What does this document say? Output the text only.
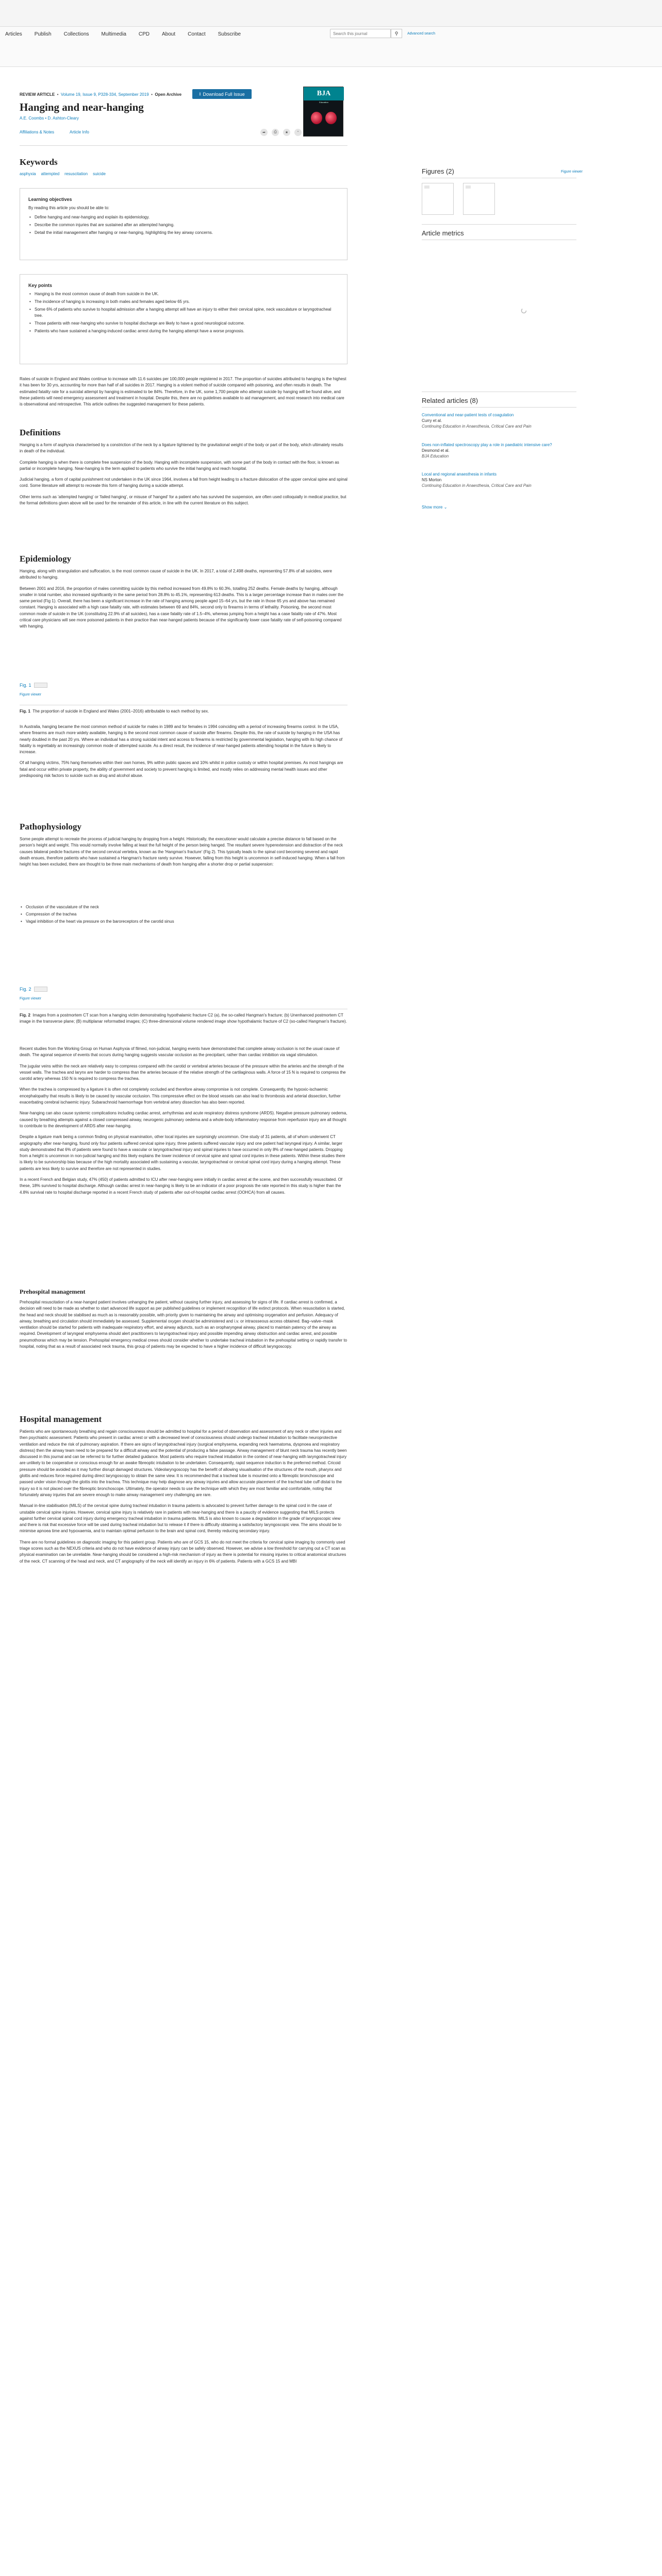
Articles Publish Collections Multimedia CPD About Contact Subscribe
Search this journal	⚲	Advanced search
REVIEW ARTICLE  •  Volume 19, Issue 9, P328-334, September 2019  •  Open Archive	⭳ Download Full Issue	BJA
Education
Hanging and near-hanging
A.E. Coombs • D. Ashton-Cleary
Affiliations & Notes	Article Info	➦	⎙	★	“
Keywords
asphyxia attempted resuscitation suicide
Learning objectives

By reading this article you should be able to:

• Define hanging and near-hanging and explain its epidemiology.
• Describe the common injuries that are sustained after an attempted hanging.
• Detail the initial management after hanging or near-hanging, highlighting the key airway concerns.
Key points
• Hanging is the most common cause of death from suicide in the UK.
• The incidence of hanging is increasing in both males and females aged below 65 yrs.
• Some 6% of patients who survive to hospital admission after a hanging attempt will have an injury to either their cervical spine, neck vasculature or laryngotracheal tree.
• Those patients with near-hanging who survive to hospital discharge are likely to have a good neurological outcome.
• Patients who have sustained a hanging-induced cardiac arrest during the hanging attempt have a worse prognosis.

Rates of suicide in England and Wales continue to increase with 11.6 suicides per 100,000 people registered in 2017. The proportion of suicides attributed to hanging is the highest it has been for 30 yrs, accounting for more than half of all suicides in 2017. Hanging is a violent method of suicide compared with poisoning, and often results in death. The estimated fatality rate for a suicidal attempt by hanging is estimated to be 84%. Therefore, in the UK, some 1,700 people who attempt suicide by hanging will be found alive, and these patients will need emergency assessment and treatment in hospital. Despite this, there are no guidelines available to aid management, and most research into medical care is observational and retrospective. This article outlines the suggested management for these patients.

Definitions

Hanging is a form of asphyxia characterised by a constriction of the neck by a ligature tightened by the gravitational weight of the body or part of the body, which ultimately results in death of the individual.

Complete hanging is when there is complete free suspension of the body. Hanging with incomplete suspension, with some part of the body in contact with the floor, is known as partial or incomplete hanging. Near-hanging is the term applied to patients who survive the initial hanging and reach hospital.

Judicial hanging, a form of capital punishment not undertaken in the UK since 1964, involves a fall from height leading to a fracture dislocation of the upper cervical spine and spinal cord. Some literature will attempt to recreate this form of hanging during a suicide attempt.

Other terms such as 'attempted hanging' or 'failed hanging', or misuse of 'hanged' for a patient who has survived the suspension, are often used colloquially in medical practice, but the formal definitions given above will be used for the remainder of this article, in line with the current literature on this subject.

Epidemiology

Hanging, along with strangulation and suffocation, is the most common cause of suicide in the UK. In 2017, a total of 2,498 deaths, representing 57.8% of all suicides, were attributed to hanging.

Between 2001 and 2016, the proportion of males committing suicide by this method increased from 49.8% to 60.3%, totalling 252 deaths. Female deaths by hanging, although smaller in total number, also increased significantly in the same period from 28.8% to 45.1%, representing 613 deaths. This is a larger percentage increase than in males over the same period (Fig 1). Overall, there has been a significant increase in the rate of hanging among people aged 15–64 yrs, but the rate in those 65 yrs and above has remained constant. Hanging is associated with a high case fatality rate, with estimates between 69 and 84%, second only to firearms in terms of lethality. Poisoning, the second most common mode of suicide in the UK (constituting 22.9% of all suicides), has a case fatality rate of 1.5–4%, whereas jumping from a height has a case fatality rate of 47%. Most critical care physicians will see more poisoned patients in their practice than near-hanged patients because of the significantly lower case fatality rate of self-poisoning compared with hanging.

Fig. 1
Figure viewer
Fig. 1 The proportion of suicide in England and Wales (2001–2016) attributable to each method by sex.

In Australia, hanging became the most common method of suicide for males in 1989 and for females in 1994 coinciding with a period of increasing firearms control. In the USA, where firearms are much more widely available, hanging is the second most common cause of suicide after firearms. Despite this, the rate of suicide by hanging in the USA has nearly doubled in the past 20 yrs. Where an individual has a strong suicidal intent and access to firearms is restricted by governmental legislation, hanging with its high chance of fatality is regrettably an increasingly common mode of attempted suicide. As a direct result, the incidence of near-hanged patients attending hospital in the future is likely to increase.

Of all hanging victims, 75% hang themselves within their own homes, 9% within public spaces and 10% whilst in police custody or within hospital premises. As most hangings are fatal and occur within private property, the ability of government and society to prevent hanging is limited, and mostly relies on addressing mental health issues and other predisposing risk factors to suicide such as drug and alcohol abuse.

Pathophysiology

Some people attempt to recreate the process of judicial hanging by dropping from a height. Historically, the executioner would calculate a precise distance to fall based on the person's height and weight. This would normally involve falling at least the full height of the person being hanged. The resultant severe hyperextension and distraction of the neck causes bilateral pedicle fractures of the second cervical vertebra, known as the 'Hangman's fracture' (Fig 2). This typically leads to the spinal cord becoming severed and rapid death ensues, therefore patients who have sustained a Hangman's fracture rarely survive. However, falling from this height is uncommon in self-induced hanging. When a fall from height has been excluded, there are thought to be three main mechanisms of death from hanging after a shorter drop or partial suspension:

• Occlusion of the vasculature of the neck
• Compression of the trachea
• Vagal inhibition of the heart via pressure on the baroreceptors of the carotid sinus
Fig. 2
Figure viewer
Fig. 2 Images from a postmortem CT scan from a hanging victim demonstrating hypothalamic fracture C2 (a), the so-called Hangman's fracture; (b) Unenhanced postmortem CT image in the transverse plane; (B) multiplanar reformatted images; (C) three-dimensional volume rendered image show hypothalamic fracture of C2 (so-called Hangman's fracture).

Recent studies from the Working Group on Human Asphyxia of filmed, non-judicial, hanging events have demonstrated that complete airway occlusion is not the usual cause of death. The agonal sequence of events that occurs during hanging suggests vascular occlusion as the precipitant, rather than cardiac inhibition via vagal stimulation.

The jugular veins within the neck are relatively easy to compress compared with the carotid or vertebral arteries because of the pressure within the arteries and the strength of the vessel walls. The trachea and larynx are harder to compress than the arteries because of the relative strength of the cartilaginous walls. A force of 15 N is required to compress the carotid artery whereas 150 N is required to compress the trachea.

When the trachea is compressed by a ligature it is often not completely occluded and therefore airway compromise is not complete. Consequently, the hypoxic-ischaemic encephalopathy that results is likely to be caused by vascular occlusion. This compressive effect on the blood vessels can also lead to thrombosis and arterial dissection, further exacerbating cerebral ischaemic injury. Subarachnoid haemorrhage from vertebral artery dissection has also been reported.

Near-hanging can also cause systemic complications including cardiac arrest, arrhythmias and acute respiratory distress syndrome (ARDS). Negative pressure pulmonary oedema, caused by breathing attempts against a closed compressed airway, neurogenic pulmonary oedema and a whole-body inflammatory response from reperfusion injury are all thought to contribute to the development of ARDS after near-hanging.

Despite a ligature mark being a common finding on physical examination, other local injuries are surprisingly uncommon. One study of 31 patients, all of whom underwent CT angiography after near-hanging, found only four patients suffered cervical spine injury, three patients suffered vascular injury and one patient had laryngeal injury. A similar, larger study demonstrated that 6% of patients were found to have a vascular or laryngotracheal injury and spinal injuries to have occurred in only 8% of near-hanged patients. Dropping from a height is uncommon in non-judicial hanging and this likely explains the lower incidence of cervical spine and spinal cord injuries in these patients. Within these studies there is likely to be survivorship bias because of the high mortality associated with sustaining a vascular, laryngotracheal or cervical spinal cord injury during a hanging attempt. These patients are less likely to survive and therefore are not represented in studies.

In a recent French and Belgian study, 47% (450) of patients admitted to ICU after near-hanging were initially in cardiac arrest at the scene, and then successfully resuscitated. Of these, 18% survived to hospital discharge. Although cardiac arrest in near-hanging is likely to be an indicator of a poor prognosis the rate reported in this study is higher than the 4.8% survival rate to hospital discharge reported in a recent French study of patients after out-of-hospital cardiac arrest (OOHCA) from all causes.

Prehospital management

Prehospital resuscitation of a near-hanged patient involves unhanging the patient, without causing further injury, and assessing for signs of life. If cardiac arrest is confirmed, a decision will need to be made as whether to start advanced life support as per published guidelines or implement recognition of life extinct protocols. When resuscitation is started, the head and neck should be stabilised as much as is reasonably possible, with priority given to maintaining the airway and optimising oxygenation and perfusion. Adequacy of airway, breathing and circulation should immediately be assessed. Supplemental oxygen should be administered and i.v. or intraosseous access obtained. Bag–valve–mask ventilation should be started for patients with inadequate respiratory effort, and airway adjuncts, such as an oropharyngeal airway, placed to maintain patency of the airway as required. Development of laryngeal emphysema should alert practitioners to laryngotracheal injury and possible impending airway obstruction and cardiac arrest, and possible pneumothorax which may be tension. Prehospital emergency medical crews should consider whether to undertake tracheal intubation in the prehospital setting or rapidly transfer to hospital, noting that as a result of associated neck trauma, this group of patients may be expected to have a higher incidence of difficult laryngoscopy.

Hospital management

Patients who are spontaneously breathing and regain consciousness should be admitted to hospital for a period of observation and assessment of any neck or other injuries and then psychiatric assessment. Patients who present in cardiac arrest or with a decreased level of consciousness should undergo tracheal intubation to facilitate neuroprotective ventilation and reduce the risk of pulmonary aspiration. If there are signs of laryngotracheal injury (surgical emphysema, expanding neck haematoma, dyspnoea and respiratory distress) then the airway team need to be prepared for a difficult airway and the potential of producing a false passage. Airway management of blunt neck trauma has recently been discussed in this journal and can be referred to for further detailed guidance. Most patients who require tracheal intubation in the context of near-hanging with laryngotracheal injury are unlikely to be cooperative or conscious enough for an awake fibreoptic intubation to be undertaken. Consequently, rapid sequence induction is the preferred method. Cricoid pressure should be avoided as it may further disrupt damaged structures. Videolaryngoscopy has the benefit of allowing visualisation of the structures of the mouth, pharynx and glottis and reduces force required during direct laryngoscopy to obtain the same view. It is recommended that a tracheal tube is mounted onto a fibreoptic bronchoscope and passed under vision through the glottis into the trachea. This technique may help diagnose any airway injuries and allow accurate placement of the tracheal tube cuff distal to the injury so it is not placed over the fibreoptic bronchoscope. Ultimately, the operator needs to use the technique with which they are most familiar and comfortable, noting that fortunately airway injuries that are severe enough to make airway management very challenging are rare.

Manual in-line stabilisation (MILS) of the cervical spine during tracheal intubation in trauma patients is advocated to prevent further damage to the spinal cord in the case of unstable cervical spine injuries. However, cervical spine injury is relatively rare in patients with near-hanging and there is a paucity of evidence suggesting that MILS protects against further cervical spinal cord injury during emergency tracheal intubation in trauma patients. MILS is also known to cause a degradation in the grade of laryngoscopic view and there is risk that excessive force will be used during tracheal intubation but to release it if there is difficulty obtaining a satisfactory laryngoscopic view. The aims should be to minimise apnoea time and hypoxaemia, and to maintain optimal perfusion to the brain and spinal cord, thereby reducing secondary injury.

There are no formal guidelines on diagnostic imaging for this patient group. Patients who are of GCS 15, who do not meet the criteria for cervical spine imaging by commonly used triage scores such as the NEXUS criteria and who do not have evidence of airway injury can be safely observed. However, we advise a low threshold for carrying out a CT scan as physical examination can be unreliable. Near-hanging should be considered a high-risk mechanism of injury as there is potential for missing injuries to critical anatomical structures of the neck. CT scanning of the head and neck, and CT angiography of the neck will identify an injury in 6% of patients. Patients with a GCS 15 and MBI

Figures (2)	Figure viewer
Article metrics
Related articles (8)
Conventional and near-patient tests of coagulation
Curry et al.
Continuing Education in Anaesthesia, Critical Care and Pain
Does non-inflated spectroscopy play a role in paediatric intensive care?
Desmond et al.
BJA Education
Local and regional anaesthesia in infants
NS Morton
Continuing Education in Anaesthesia, Critical Care and Pain
Show more ⌄
